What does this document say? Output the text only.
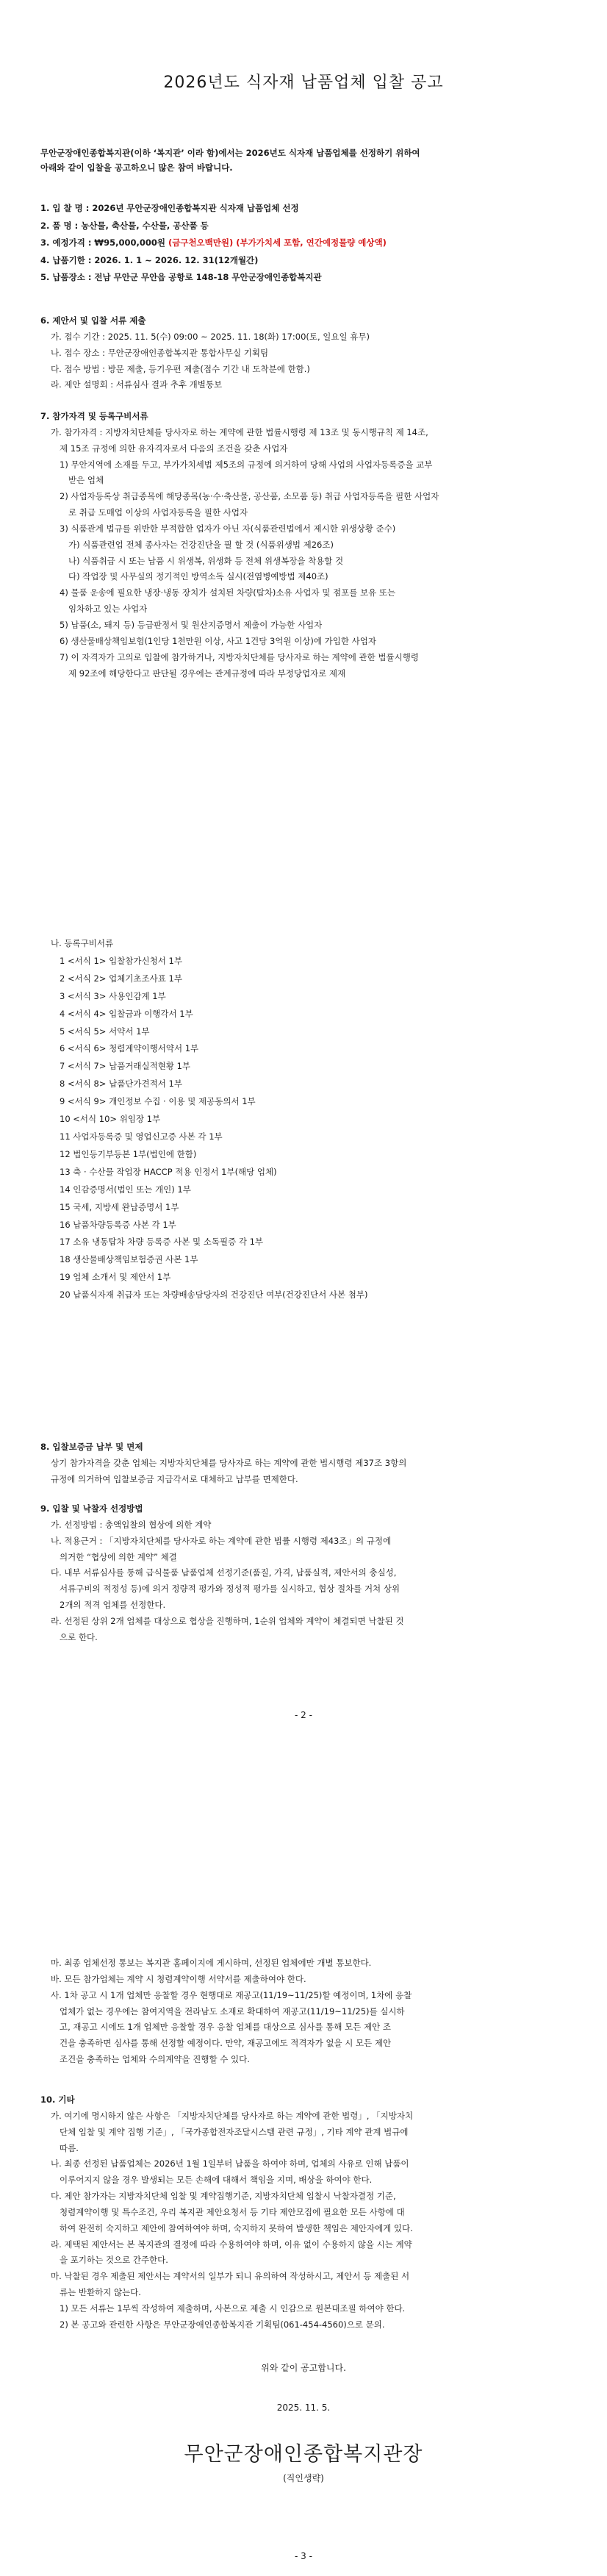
2026년도 식자재 납품업체 입찰 공고

무안군장애인종합복지관(이하 ‘복지관’ 이라 함)에서는 2026년도 식자재 납품업체를 선정하기 위하여

아래와 같이 입찰을 공고하오니 많은 참여 바랍니다.

1. 입 찰 명 : 2026년 무안군장애인종합복지관 식자재 납품업체 선정

2. 품 명 : 농산물, 축산물, 수산물, 공산품 등

3. 예정가격 : ₩95,000,000원 (금구천오백만원) (부가가치세 포함, 연간예정물량 예상액)

4. 납품기한 : 2026. 1. 1 ~ 2026. 12. 31(12개월간)

5. 납품장소 : 전남 무안군 무안읍 공항로 148-18 무안군장애인종합복지관

6. 제안서 및 입찰 서류 제출

가. 접수 기간 : 2025. 11. 5(수) 09:00 ~ 2025. 11. 18(화) 17:00(토, 일요일 휴무)

나. 접수 장소 : 무안군장애인종합복지관 통합사무실 기획팀

다. 접수 방법 : 방문 제출, 등기우편 제출(접수 기간 내 도착분에 한함.)

라. 제안 설명회 : 서류심사 결과 추후 개별통보

7. 참가자격 및 등록구비서류

가. 참가자격 : 지방자치단체를 당사자로 하는 계약에 관한 법률시행령 제 13조 및 동시행규칙 제 14조,

제 15조 규정에 의한 유자격자로서 다음의 조건을 갖춘 사업자

1) 무안지역에 소재를 두고, 부가가치세법 제5조의 규정에 의거하여 당해 사업의 사업자등록증을 교부

받은 업체

2) 사업자등록상 취급종목에 해당종목(농·수·축산물, 공산품, 소모품 등) 취급 사업자등록을 필한 사업자

로 취급 도매업 이상의 사업자등록을 필한 사업자

3) 식품관계 법규를 위반한 부적합한 업자가 아닌 자(식품관련법에서 제시한 위생상황 준수)

가) 식품관련업 전체 종사자는 건강진단을 필 할 것 (식품위생법 제26조)

나) 식품취급 시 또는 납품 시 위생복, 위생화 등 전체 위생복장을 착용할 것

다) 작업장 및 사무실의 정기적인 방역소독 실시(전염병예방법 제40조)

4) 물품 운송에 필요한 냉장·냉동 장치가 설치된 차량(탑차)소유 사업자 및 점포를 보유 또는

임차하고 있는 사업자

5) 납품(소, 돼지 등) 등급판정서 및 원산지증명서 제출이 가능한 사업자

6) 생산물배상책임보험(1인당 1천만원 이상, 사고 1건당 3억원 이상)에 가입한 사업자

7) 이 자격자가 고의로 입찰에 참가하거나, 지방자치단체를 당사자로 하는 계약에 관한 법률시행령

제 92조에 해당한다고 판단될 경우에는 관계규정에 따라 부정당업자로 제재

나. 등록구비서류

1 <서식 1> 입찰참가신청서 1부

2 <서식 2> 업체기초조사표 1부

3 <서식 3> 사용인감계 1부

4 <서식 4> 입찰금과 이행각서 1부

5 <서식 5> 서약서 1부

6 <서식 6> 청렴계약이행서약서 1부

7 <서식 7> 납품거래실적현황 1부

8 <서식 8> 납품단가견적서 1부

9 <서식 9> 개인정보 수집 · 이용 및 제공동의서 1부

10 <서식 10> 위임장 1부

11 사업자등록증 및 영업신고증 사본 각 1부

12 법인등기부등본 1부(법인에 한함)

13 축 · 수산물 작업장 HACCP 적용 인정서 1부(해당 업체)

14 인감증명서(법인 또는 개인) 1부

15 국세, 지방세 완납증명서 1부

16 납품차량등록증 사본 각 1부

17 소유 냉동탑차 차량 등록증 사본 및 소독필증 각 1부

18 생산물배상책임보험증권 사본 1부

19 업체 소개서 및 제안서 1부

20 납품식자재 취급자 또는 차량배송담당자의 건강진단 여부(건강진단서 사본 첨부)

8. 입찰보증금 납부 및 면제

상기 참가자격을 갖춘 업체는 지방자치단체를 당사자로 하는 계약에 관한 법시행령 제37조 3항의

규정에 의거하여 입찰보증금 지급각서로 대체하고 납부를 면제한다.

9. 입찰 및 낙찰자 선정방법

가. 선정방법 : 총액입찰의 협상에 의한 계약

나. 적용근거 : 「지방자치단체를 당사자로 하는 계약에 관한 법률 시행령 제43조」의 규정에

의거한 “협상에 의한 계약” 체결

다. 내부 서류심사를 통해 급식물품 납품업체 선정기준(품질, 가격, 납품실적, 제안서의 충실성,

서류구비의 적정성 등)에 의거 정량적 평가와 정성적 평가를 실시하고, 협상 절차를 거쳐 상위

2개의 적격 업체를 선정한다.

라. 선정된 상위 2개 업체를 대상으로 협상을 진행하며, 1순위 업체와 계약이 체결되면 낙찰된 것

으로 한다.

- 2 -

마. 최종 업체선정 통보는 복지관 홈페이지에 게시하며, 선정된 업체에만 개별 통보한다.

바. 모든 참가업체는 계약 시 청렴계약이행 서약서를 제출하여야 한다.

사. 1차 공고 시 1개 업체만 응찰할 경우 현행대로 재공고(11/19~11/25)할 예정이며, 1차에 응찰

업체가 없는 경우에는 참여지역을 전라남도 소재로 확대하여 재공고(11/19~11/25)를 실시하

고, 재공고 시에도 1개 업체만 응찰할 경우 응찰 업체를 대상으로 심사를 통해 모든 제안 조

건을 충족하면 심사를 통해 선정할 예정이다. 만약, 재공고에도 적격자가 없을 시 모든 제안

조건을 충족하는 업체와 수의계약을 진행할 수 있다.

10. 기타

가. 여기에 명시하지 않은 사항은 「지방자치단체를 당사자로 하는 계약에 관한 법령」, 「지방자치

단체 입찰 및 계약 집행 기준」, 「국가종합전자조달시스템 관련 규정」, 기타 계약 관계 법규에

따름.

나. 최종 선정된 납품업체는 2026년 1월 1일부터 납품을 하여야 하며, 업체의 사유로 인해 납품이

이루어지지 않을 경우 발생되는 모든 손해에 대해서 책임을 지며, 배상을 하여야 한다.

다. 제안 참가자는 지방자치단체 입찰 및 계약집행기준, 지방자치단체 입찰시 낙찰자결정 기준,

청렴계약이행 및 특수조건, 우리 복지관 제안요청서 등 기타 제안모집에 필요한 모든 사항에 대

하여 완전히 숙지하고 제안에 참여하여야 하며, 숙지하지 못하여 발생한 책임은 제안자에게 있다.

라. 제택된 제안서는 본 복지관의 결정에 따라 수용하여야 하며, 이유 없이 수용하지 않을 시는 계약

을 포기하는 것으로 간주한다.

마. 낙찰된 경우 제출된 제안서는 계약서의 일부가 되니 유의하여 작성하시고, 제안서 등 제출된 서

류는 반환하지 않는다.

1) 모든 서류는 1부씩 작성하여 제출하며, 사본으로 제출 시 인감으로 원본대조필 하여야 한다.

2) 본 공고와 관련한 사항은 무안군장애인종합복지관 기획팀(061-454-4560)으로 문의.

위와 같이 공고합니다.
2025. 11. 5.
무안군장애인종합복지관장
(직인생략)
- 3 -
